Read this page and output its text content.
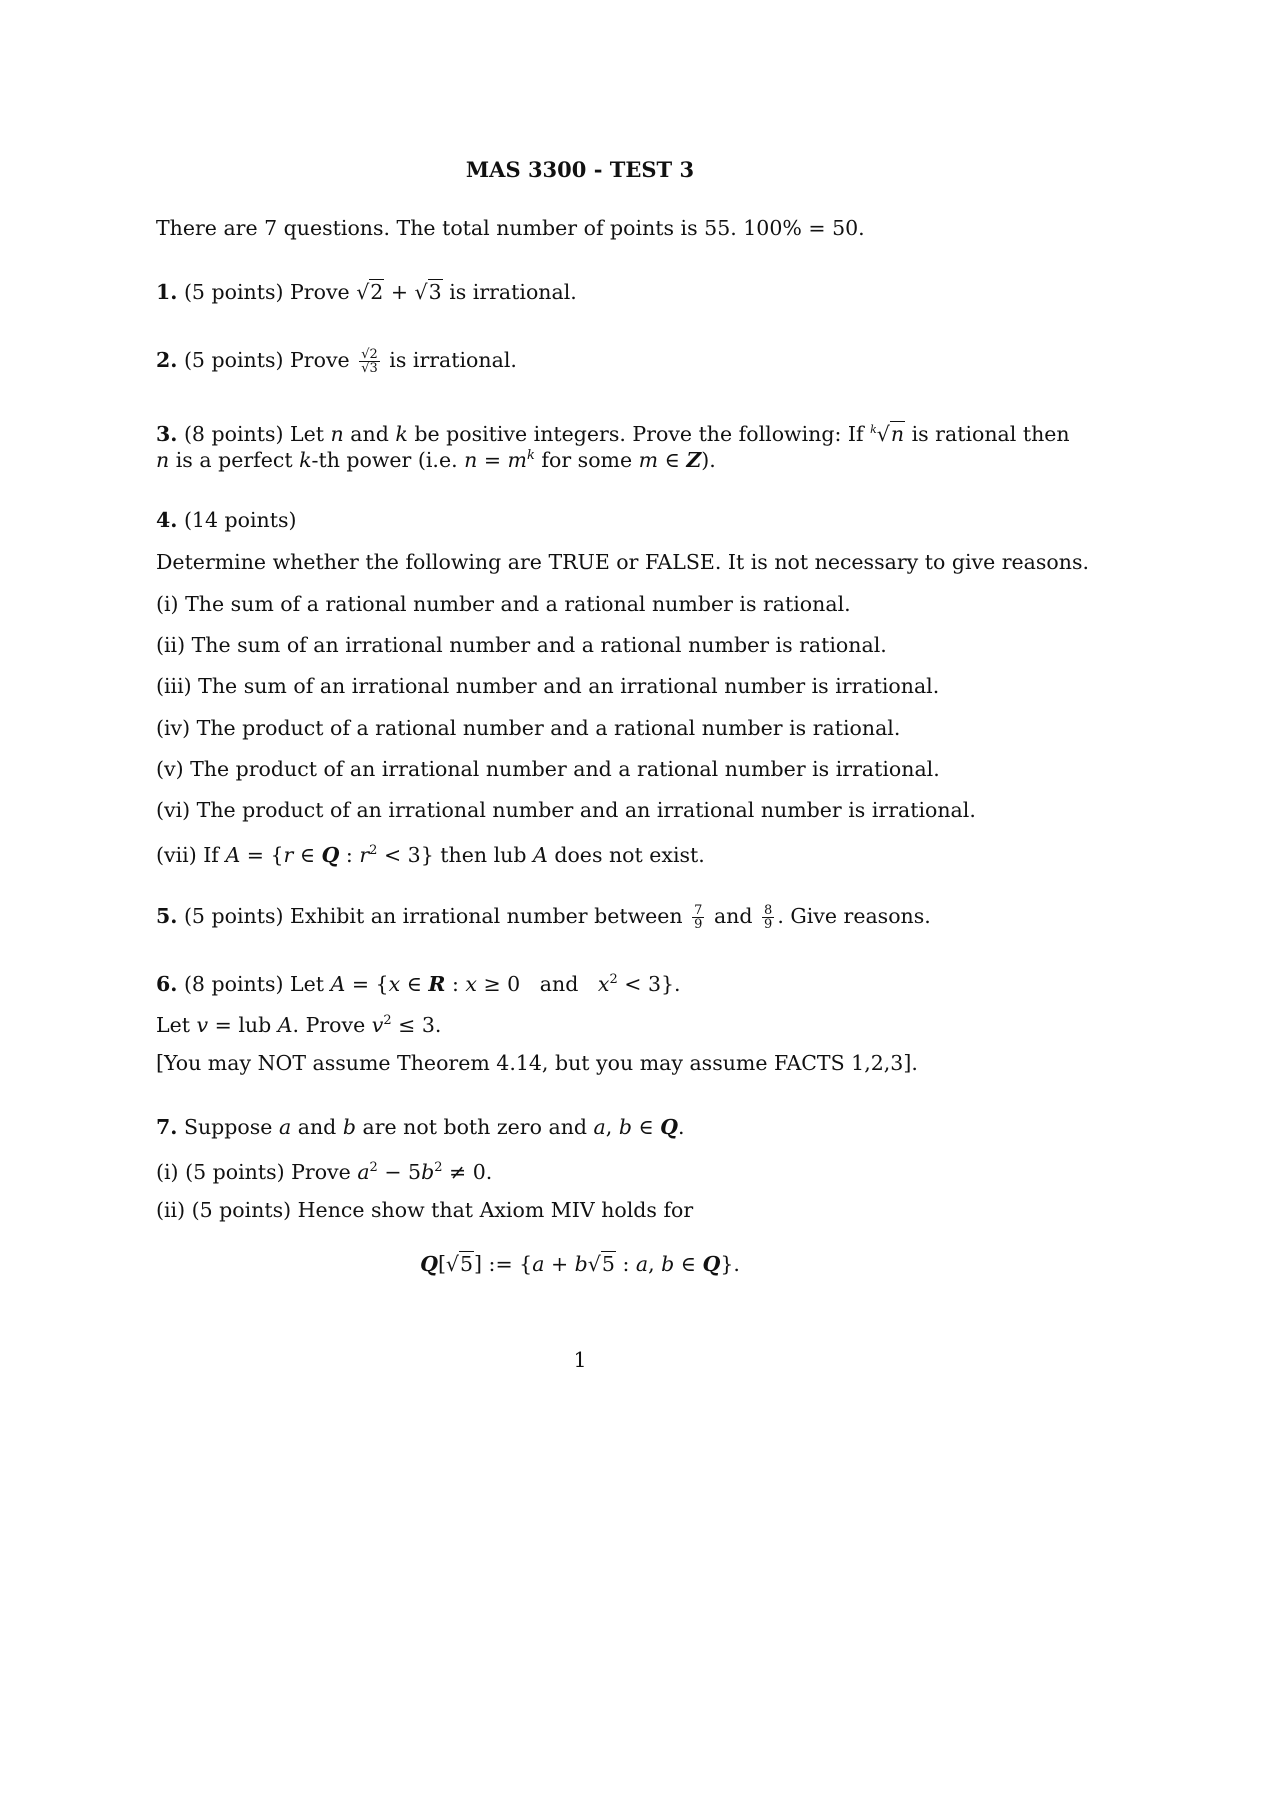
MAS 3300 - TEST 3
There are 7 questions. The total number of points is 55. 100% = 50.
1. (5 points) Prove √2 + √3 is irrational.
2. (5 points) Prove $\frac{√2}{√3}$ is irrational.
3. (8 points) Let n and k be positive integers. Prove the following: If $^k$√n is rational then
n is a perfect k-th power (i.e. $n = m^k$ for some m ∈ Z).
4. (14 points)
Determine whether the following are TRUE or FALSE. It is not necessary to give reasons.
(i) The sum of a rational number and a rational number is rational.
(ii) The sum of an irrational number and a rational number is rational.
(iii) The sum of an irrational number and an irrational number is irrational.
(iv) The product of a rational number and a rational number is rational.
(v) The product of an irrational number and a rational number is irrational.
(vi) The product of an irrational number and an irrational number is irrational.
(vii) If A = {r ∈ Q : $r^2 < 3$} then lub A does not exist.
5. (5 points) Exhibit an irrational number between $\frac{7}{9}$ and $\frac{8}{9}$ . Give reasons.
6. (8 points) Let A = {x ∈ R : x ≥ 0 and $x^2 < 3$}.
Let v = lub A. Prove $v^2 \le 3$.
[You may NOT assume Theorem 4.14, but you may assume FACTS 1,2,3].
7. Suppose a and b are not both zero and a, b ∈ Q.
(i) (5 points) Prove $a^2 - 5b^2 \ne 0$.
(ii) (5 points) Hence show that Axiom MIV holds for
Q[√5] := {a + b√5 : a, b ∈ Q}.
1
